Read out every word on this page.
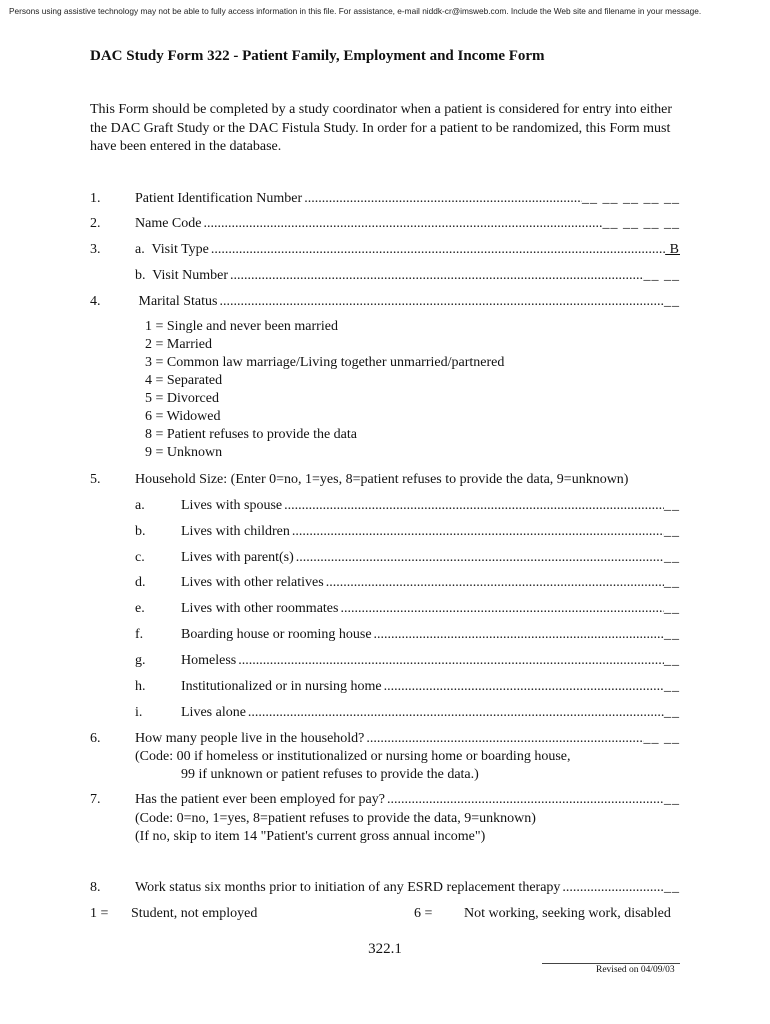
Persons using assistive technology may not be able to fully access information in this file. For assistance, e-mail niddk-cr@imsweb.com. Include the Web site and filename in your message.
DAC Study Form 322 - Patient Family, Employment and Income Form

This Form should be completed by a study coordinator when a patient is considered for entry into either the DAC Graft Study or the DAC Fistula Study. In order for a patient to be randomized, this Form must have been entered in the database.

1. Patient Identification Number .....	__ __ __ __ __
2. Name Code .....	__ __ __ __
3. a.  Visit Type .....	B
b.  Visit Number .....	__ __
4. Marital Status .....	__
1 = Single and never been married
2 = Married
3 = Common law marriage/Living together unmarried/partnered
4 = Separated
5 = Divorced
6 = Widowed
8 = Patient refuses to provide the data
9 = Unknown
5. Household Size: (Enter 0=no, 1=yes, 8=patient refuses to provide the data, 9=unknown)
a.	Lives with spouse .....	__
b.	Lives with children .....	__
c.	Lives with parent(s) .....	__
d.	Lives with other relatives .....	__
e.	Lives with other roommates .....	__
f.	Boarding house or rooming house .....	__
g.	Homeless .....	__
h.	Institutionalized or in nursing home .....	__
i.	Lives alone .....	__
6. How many people live in the household? .....	__ __
(Code: 00 if homeless or institutionalized or nursing home or boarding house,
99 if unknown or patient refuses to provide the data.)
7. Has the patient ever been employed for pay? .....	__
(Code: 0=no, 1=yes, 8=patient refuses to provide the data, 9=unknown)
(If no, skip to item 14 "Patient's current gross annual income")
8. Work status six months prior to initiation of any ESRD replacement therapy .....	__
1 = Student, not employed	6 = Not working, seeking work, disabled
322.1
Revised on 04/09/03
